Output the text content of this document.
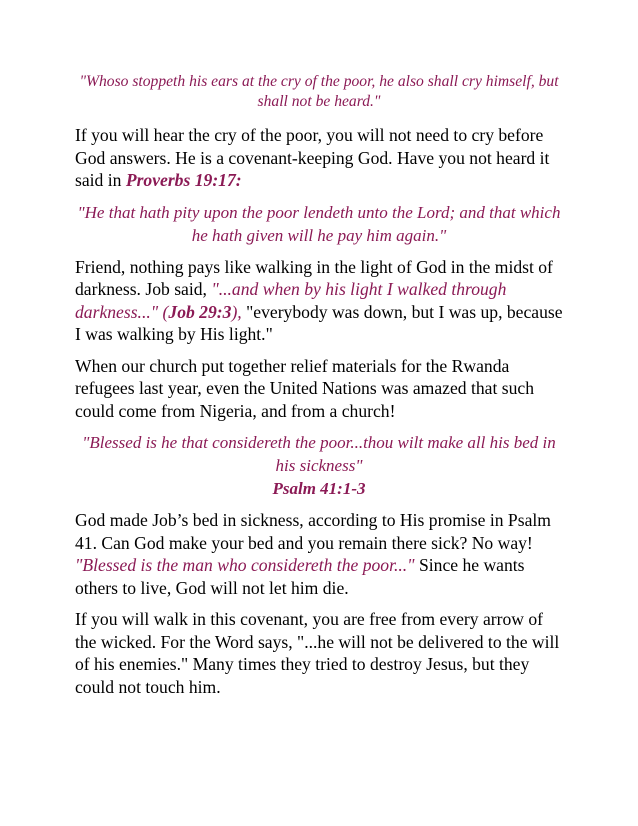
"Whoso stoppeth his ears at the cry of the poor, he also shall cry himself, but shall not be heard."

If you will hear the cry of the poor, you will not need to cry before God answers. He is a covenant-keeping God. Have you not heard it said in Proverbs 19:17:

"He that hath pity upon the poor lendeth unto the Lord; and that which he hath given will he pay him again."

Friend, nothing pays like walking in the light of God in the midst of darkness. Job said, "...and when by his light I walked through darkness..." (Job 29:3), "everybody was down, but I was up, because I was walking by His light."

When our church put together relief materials for the Rwanda refugees last year, even the United Nations was amazed that such could come from Nigeria, and from a church!

"Blessed is he that considereth the poor...thou wilt make all his bed in his sickness"

Psalm 41:1-3

God made Job’s bed in sickness, according to His promise in Psalm 41. Can God make your bed and you remain there sick? No way! "Blessed is the man who considereth the poor..." Since he wants others to live, God will not let him die.

If you will walk in this covenant, you are free from every arrow of the wicked. For the Word says, "...he will not be delivered to the will of his enemies." Many times they tried to destroy Jesus, but they could not touch him.
